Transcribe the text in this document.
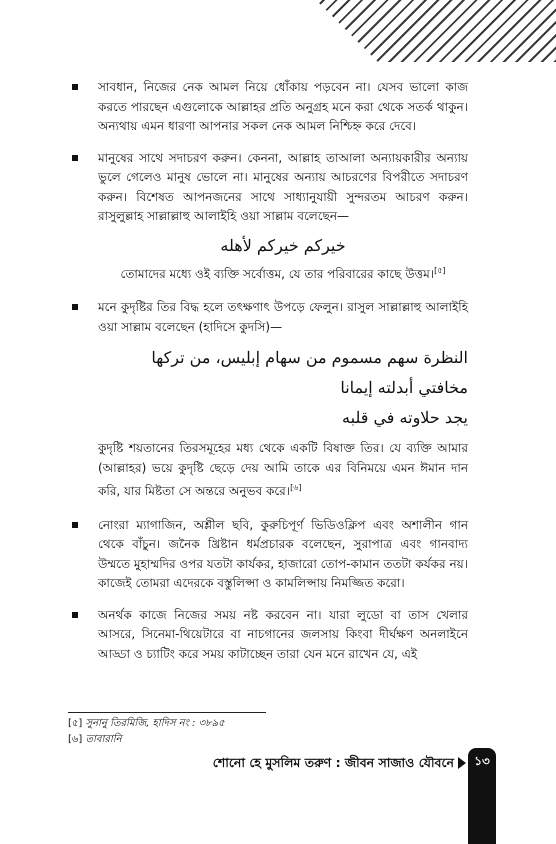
সাবধান, নিজের নেক আমল নিয়ে ধোঁকায় পড়বেন না। যেসব ভালো কাজ করতে পারছেন এগুলোকে আল্লাহর প্রতি অনুগ্রহ মনে করা থেকে সতর্ক থাকুন। অন্যথায় এমন ধারণা আপনার সকল নেক আমল নিশ্চিহ্ন করে দেবে।
মানুষের সাথে সদাচরণ করুন। কেননা, আল্লাহ তাআলা অন্যায়কারীর অন্যায় ভুলে গেলেও মানুষ ভোলে না। মানুষের অন্যায় আচরণের বিপরীতে সদাচরণ করুন। বিশেষত আপনজনের সাথে সাধ্যানুযায়ী সুন্দরতম আচরণ করুন। রাসুলুল্লাহ সাল্লাল্লাহু আলাইহি ওয়া সাল্লাম বলেছেন—
خيركم خيركم لأهله
তোমাদের মধ্যে ওই ব্যক্তি সর্বোত্তম, যে তার পরিবারের কাছে উত্তম।[৫]
মনে কুদৃষ্টির তির বিদ্ধ হলে তৎক্ষণাৎ উপড়ে ফেলুন। রাসুল সাল্লাল্লাহু আলাইহি ওয়া সাল্লাম বলেছেন (হাদিসে কুদসি)—
النظرة سهم مسموم من سهام إبليس، من تركها مخافتي أبدلته إيمانا
يجد حلاوته في قلبه
কুদৃষ্টি শয়তানের তিরসমূহের মধ্য থেকে একটি বিষাক্ত তির। যে ব্যক্তি আমার (আল্লাহর) ভয়ে কুদৃষ্টি ছেড়ে দেয় আমি তাকে এর বিনিময়ে এমন ঈমান দান করি, যার মিষ্টতা সে অন্তরে অনুভব করে।[৬]
নোংরা ম্যাগাজিন, অশ্লীল ছবি, কুরুচিপূর্ণ ভিডিওক্লিপ এবং অশালীন গান থেকে বাঁচুন। জনৈক খ্রিষ্টান ধর্মপ্রচারক বলেছেন, সুরাপাত্র এবং গানবাদ্য উম্মতে মুহাম্মদির ওপর যতটা কার্যকর, হাজারো তোপ-কামান ততটা কর্যকর নয়। কাজেই তোমরা এদেরকে বস্তুলিপ্সা ও কামলিপ্সায় নিমজ্জিত করো।
অনর্থক কাজে নিজের সময় নষ্ট করবেন না। যারা লুডো বা তাস খেলার আসরে, সিনেমা-থিয়েটারে বা নাচগানের জলসায় কিংবা দীর্ঘক্ষণ অনলাইনে আড্ডা ও চ্যাটিং করে সময় কাটাচ্ছেন তারা যেন মনে রাখেন যে, এই
[৫] সুনানু তিরমিজি, হাদিস নং : ৩৮৯৫
[৬] তাবারানি
শোনো হে মুসলিম তরুণ : জীবন সাজাও যৌবনে	১৩
